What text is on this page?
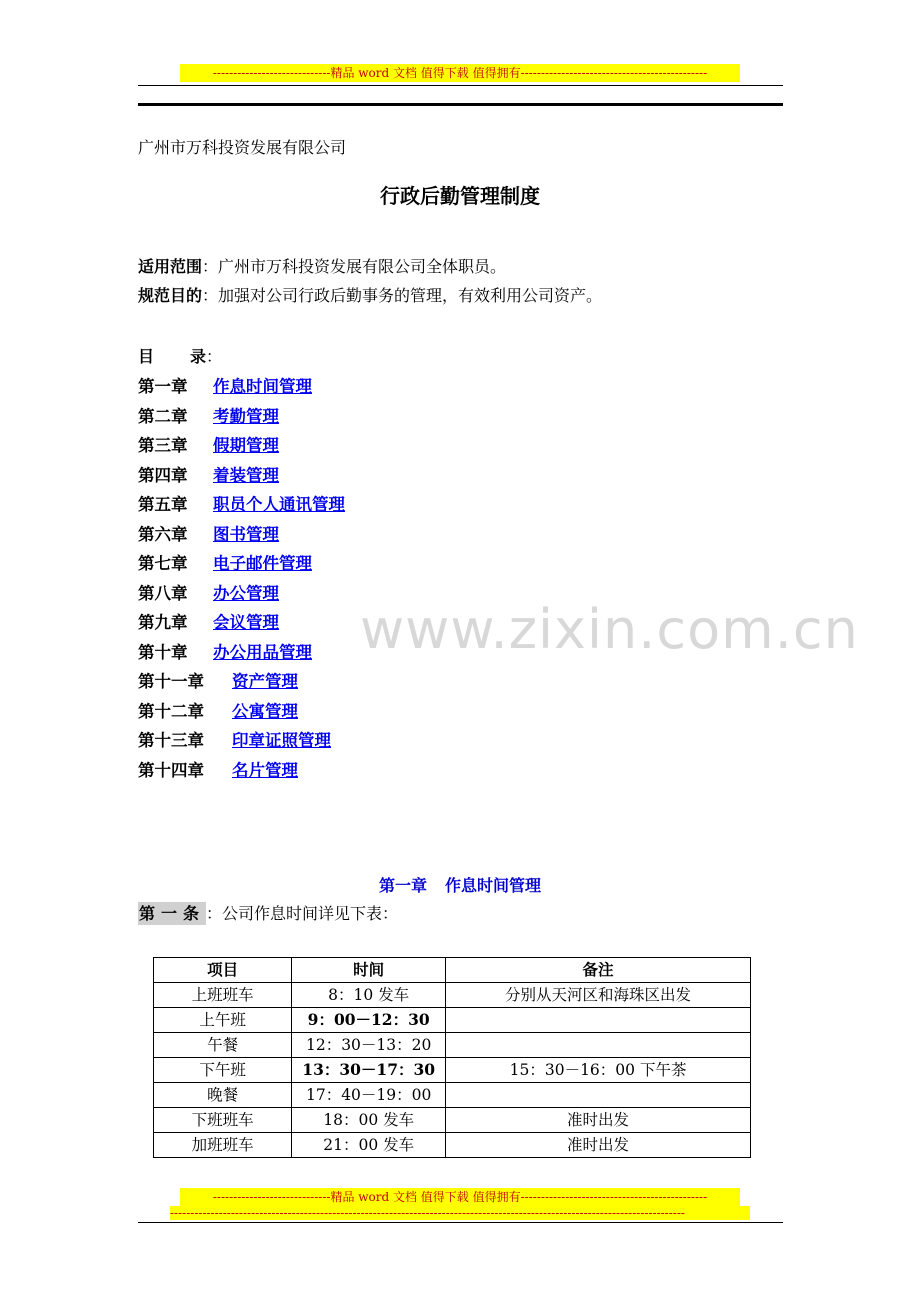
-----------------------------精品 word 文档 值得下载 值得拥有----------------------------------------------
广州市万科投资发展有限公司
行政后勤管理制度
适用范围：广州市万科投资发展有限公司全体职员。
规范目的：加强对公司行政后勤事务的管理，有效利用公司资产。
目 录：
第一章 作息时间管理
第二章 考勤管理
第三章 假期管理
第四章 着装管理
第五章 职员个人通讯管理
第六章 图书管理
第七章 电子邮件管理
第八章 办公管理
第九章 会议管理
第十章 办公用品管理
第十一章 资产管理
第十二章 公寓管理
第十三章 印章证照管理
第十四章 名片管理
www.zixin.com.cn
第一章 作息时间管理
第一条：公司作息时间详见下表：
项目	时间	备注
上班班车	8：10 发车	分别从天河区和海珠区出发
上午班	9：00－12：30	
午餐	12：30－13：20	
下午班	13：30－17：30	15：30－16：00 下午茶
晚餐	17：40－19：00	
下班班车	18：00 发车	准时出发
加班班车	21：00 发车	准时出发
-----------------------------精品 word 文档 值得下载 值得拥有----------------------------------------------
-------------------------------------------------------------------------------------------------------------------------------
